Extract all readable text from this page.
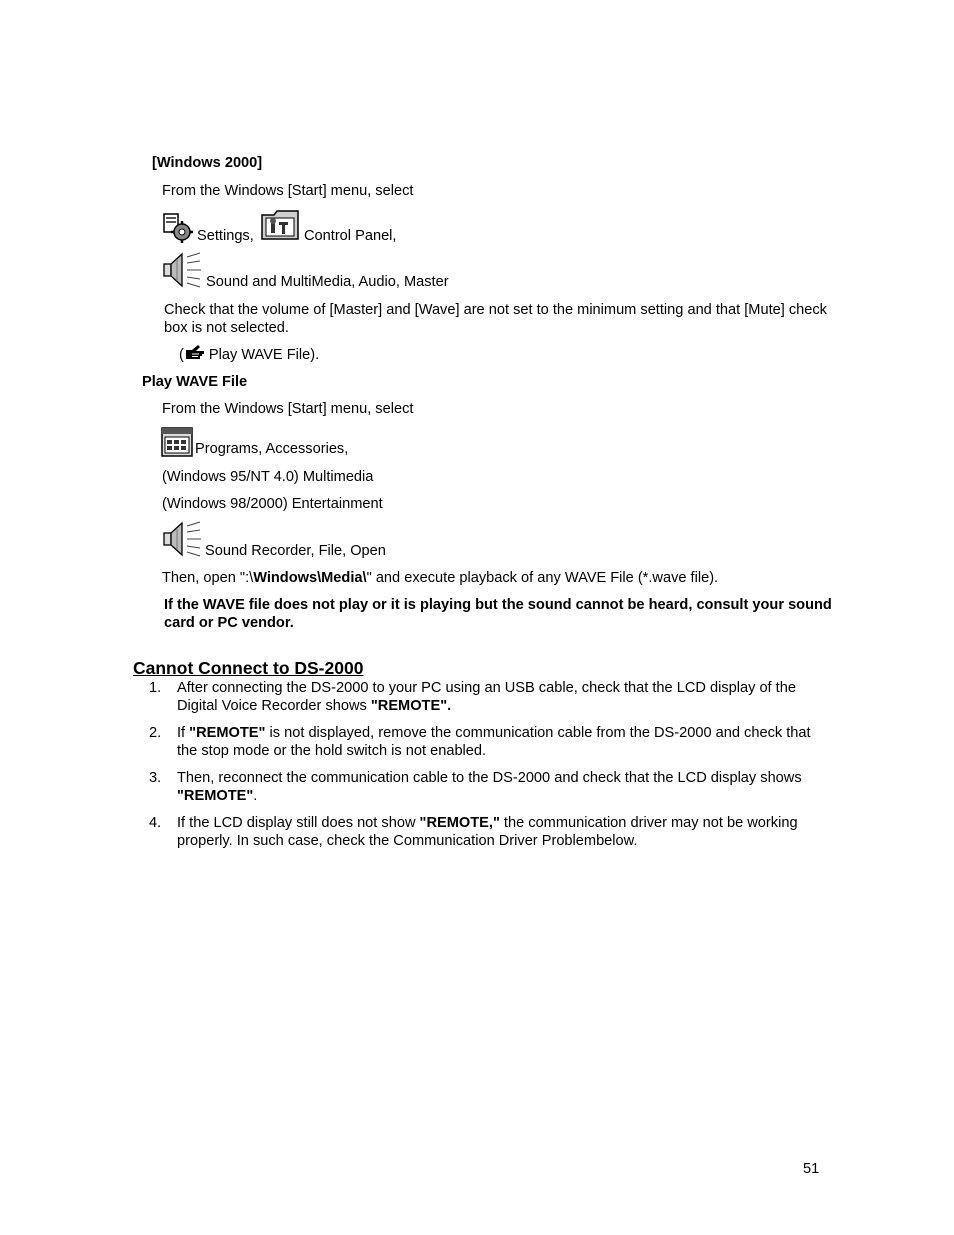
[Windows 2000]
From the Windows [Start] menu, select
Settings,	Control Panel,
Sound and MultiMedia, Audio, Master
Check that the volume of [Master] and [Wave] are not set to the minimum setting and that [Mute] check box is not selected.
( Play WAVE File).
Play WAVE File
From the Windows [Start] menu, select
Programs, Accessories,
(Windows 95/NT 4.0) Multimedia
(Windows 98/2000) Entertainment
Sound Recorder, File, Open
Then, open ":\Windows\Media\" and execute playback of any WAVE File (*.wave file).
If the WAVE file does not play or it is playing but the sound cannot be heard, consult your sound card or PC vendor.
Cannot Connect to DS-2000
1.	After connecting the DS-2000 to your PC using an USB cable, check that the LCD display of the Digital Voice Recorder shows "REMOTE".
2.	If "REMOTE" is not displayed, remove the communication cable from the DS-2000 and check that the stop mode or the hold switch is not enabled.
3.	Then, reconnect the communication cable to the DS-2000 and check that the LCD display shows "REMOTE".
4.	If the LCD display still does not show "REMOTE," the communication driver may not be working properly. In such case, check the Communication Driver Problembelow.
51
